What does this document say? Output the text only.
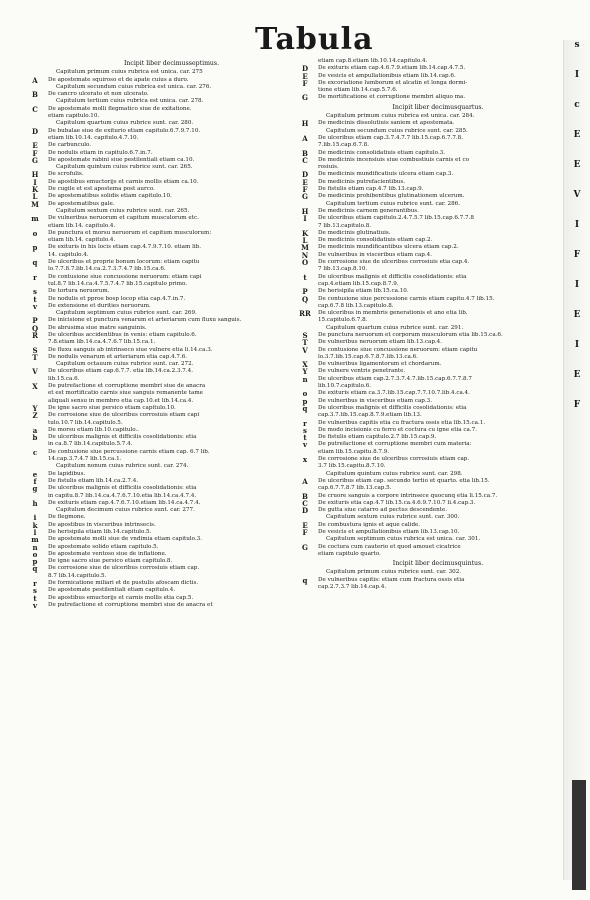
Tabula
Incipit liber decimusseptimus.
Capitulum primum cuius rubrica est unica. car. 275
A	De apostemate squiroso et de apate cuius a duro.
Capitulum secundum cuius rubrica est unica. car. 276.
B	De cancro ulcerato et non ulcerato.
Capitulum tertium cuius rubrica est unica. car. 278.
C	De apostemate molli flegmatico siue de exitatione.
etiam capitulo.10.
Capitulum quartum cuius rubrice sunt. car. 280.
D	De bubalae siue de exiturio etiam capitulo.6.7.9.7.10.
etiam lib.10.14. capitulo.4.7.10.
E	De carbunculo.
F	De nodulis etiam in capitulo.6.7.in.7.
G	De apostemate rabini siue pestilentiali etiam ca.10.
Capitulum quintum cuius rubrice sunt. car. 265.
H	De scrofulis.
I	De apostibus emuctorijs et carnis mollis etiam ca.10.
K	De cugile et est apostema post aurco.
L	De apostematibus solidis etiam capitulo.10.
M	De apostematibus gale.
Capitulum sextum cuius rubrice sunt. car. 265.
m	De vulneribus neruorum et capitum musculorum etc.
etiam lib.14. capitulo.4.
o	De punctura et morsu neruorum et capitum musculorum:
etiam lib.14. capitulo.4.
p	De exituris in his locis etiam cap.4.7.9.7.10. etiam lib.
14. capitulo.4.
q	De ulceribus et proprie bonum locorum: etiam capitu
lo.7.7.8.7.lib.14.ca.2.7.3.7.4.7 lib.15.ca.6.
r	De contusione siue concussione neruorum: etiam capi
tul.8.7 lib.14.ca.4.7.5.7.4.7 lib.15.capitulo primo.
s	De tortura neruorum.
t	De nodulis et pproe bosp locop etia cap.4.7.in.7.
v	De extensione et durities neruorum.
Capitulum septimum cuius rubrice sunt. car. 269.
P	De inicisione et punctura venarum et arteriarum cum fluxu sanguis.
Q	De abrusima siue matre sanguinis.
R	De ulceribus accidentibus in venis: etiam capitulo.6.
7.8.etiam lib.14.ca.4.7.6.7 lib.15.ca.1.
S	De fluxu sanguis ab intrinseco siue vulnere etia li.14.ca.3.
T	De nodulis venarum et arteriarum etia cap.4.7.6.
Capitulum octauum cuius rubrice sunt. car. 272.
V	De ulceribus etiam cap.6.7.7. etia lib.14.ca.2.3.7.4.
lib.15.ca.6.
X	De putrefactione et corruptione membri siue de anacra
et est mortificatio carnis siue sanguis remanente tame
aliquali sensu in membro etia cap.10.et lib.14.ca.4.
Y	De igne sacro siue persico etiam capitulo.10.
Z	De corrosione siue de ulceribus corrosiuis etiam capi
tulo.10.7 lib.14.capitulo.5.
a	De morsu etiam lib.10.capitulo..
b	De ulceribus malignis et difficilis cosolidationis: etia
in ca.8.7 lib.14.capitulo.5.7.4.
c	De contusione siue percussione carnis etiam cap. 6.7 lib.
14.cap.3.7.4.7 lib.15.ca.1.
Capitulum nonum cuius rubrice sunt. car. 274.
e	De lapidibus.
f	De fistulis etiam lib.14.ca.2.7.4.
g	De ulceribus malignis et difficilis cosolidationis: etia
in capitu.8.7 lib.14.ca.4.7.6.7.10.etia lib.14.ca.4.7.4.
h	De exituris etiam cap.4.7.6.7.10.etiam lib.14.ca.4.7.4.
Capitulum decimum cuius rubrice sunt. car. 277.
i	De flegmone.
k	De apostibus in visceribus intrinsecis.
l	De herisipila etiam lib.14.capitulo.5.
m	De apostemate molli siue de vndimia etiam capitulo.3.
n	De apostemate solido etiam capitulo.5.
o	De apostemate ventoso siue de inflatione.
p	De igne sacro siue persico etiam capitulo.8.
q	De corrosione siue de ulceribus corrosiuis etiam cap.
8.7 lib.14.capitulo.5.
r	De formicatione miliari et de pustulis afoscam dictis.
s	De apostemate pestilentiali etiam capitulo.4.
t	De apostibus emuctorijs et carnis mollis etia cap.5.
v	De putrefactione et corruptione membri siue de anacra et
etiam cap.8.etiam lib.10.14.capitulo.4.
D	De exituris etiam cap.4.6.7.9.etiam lib.14.cap.4.7.5.
E	De vesicis et ampullationibus etiam lib.14.cap.6.
F	De excoriatione lumborum et alcatin et longa dormi-
tione etiam lib.14.cap.5.7.6.
G	De mortificatione et corruptione membri aliquo ma.
Incipit liber decimusquartus.
Capitulum primum cuius rubrica est unica. car. 284.
H	De medicinis dissolutiuis saniem et apostemata.
Capitulum secundum cuius rubrice sunt. car. 285.
A	De ulceribus etiam cap.3.7.4.7.7 lib.15.cap.6.7.7.8.
7.lib.15.cap.6.7.8.
B	De medicinis consolidatiuis etiam capitulo.3.
C	De medicinis incensiuis siue combustiuis carnis et co
rosiuis.
D	De medicinis mundificatiuis ulcera etiam cap.3.
E	De medicinis putrefacientibus.
F	De fistulis etiam cap.4.7 lib.13.cap.9.
G	De medicinis prohibentibus glutinationem ulcerum.
Capitulum tertium cuius rubrice sunt. car. 286.
H	De medicinis carnem generantibus.
I	De ulceribus etiam capitulo.2.4.7.5.7 lib.15.cap.6.7.7.8
7 lib.13.capitulo.8.
K	De medicinis glutinatiuis.
L	De medicinis consolidatiuis etiam cap.2.
M	De medicinis mundificantibus ulcera etiam cap.2.
N	De vulneribus in visceribus etiam cap.4.
O	De corrosione siue de ulceribus corrosiuis etia cap.4.
7 lib.13.cap.8.10.
t	De ulceribus malignis et difficilis cosolidationis: etia
cap.4.etiam lib.15.cap.8.7.9.
P	De herisipila etiam lib.15.ca.10.
Q	De contusione siue percussione carnis etiam capitu.4.7 lib.15.
cap.6.7.8 lib.13.capitulo.8.
RR De ulceribus in membris generationis et ano etia lib.
15.capitulo.6.7.8.
Capitulum quartum cuius rubrice sunt. car. 291.
S	De punctura neruorum et corporum musculorum etia lib.15.ca.6.
T	De vulneribus neruorum etiam lib.13.cap.4.
V	De contusione siue concussione neruorum: etiam capitu
lo.3.7.lib.15.cap.6.7.8.7.lib.13.ca.6.
X	De vulneribus ligamentorum et chordarum.
Y	De vulnere ventris penetrante.
n	De ulceribus etiam cap.2.7.3.7.4.7.lib.15.cap.6.7.7.8.7
lib.10.7.capitulo.6.
o	De exituris etiam ca.3.7.lib.15.cap.7.7.10.7.lib.4.ca.4.
p	De vulneribus in visceribus etiam cap.3.
q	De ulceribus malignis et difficilis cosolidationis: etia
cap.3.7.lib.15.cap.8.7.9.etiam lib.13.
r	De vulneribus capitis etia cu fractura ossis etia lib.15.ca.1.
s	De modo incisionis cu ferro et coctura cu igne etia ca.7.
t	De fistulis etiam capitulo.2.7 lib.15.cap.9.
v	De putrefactione et corruptione membri cum materia:
etiam lib.15.capitu.8.7.9.
x	De corrosione siue de ulceribus corrosiuis etiam cap.
3.7 lib.15.capitu.8.7.10.
Capitulum quintum cuius rubrice sunt. car. 298.
A	De ulceribus etiam cap. secundo tertio et quarto. etia lib.15.
cap.6.7.7.8.7 lib.13.cap.5.
B	De cruore sanguis a corpore intrinsece quocunq etia li.15.ca.7.
C	De exituris etia cap.4.7 lib.15.ca.4.6.9.7.10.7 li.4.cap.3.
D	De gutta siue catarro ad pectus descendente.
Capitulum sextum cuius rubrice sunt. car. 300.
E	De combustura ignis et aque calide.
F	De vesicis et ampullationibus etiam lib.13.cap.10.
Capitulum septimum cuius rubrica est unica. car. 301.
G	De coctura cum cauterio et quod amouet cicatrice
etiam capitulo quarto.
Incipit liber decimusquintus.
Capitulum primum cuius rubrice sunt. car. 302.
q	De vulneribus capitis: etiam cum fractura ossis etia
cap.2.7.3.7 lib.14.cap.4.
s
I
c
E
E
V
I
F
I
E
I
E
F
